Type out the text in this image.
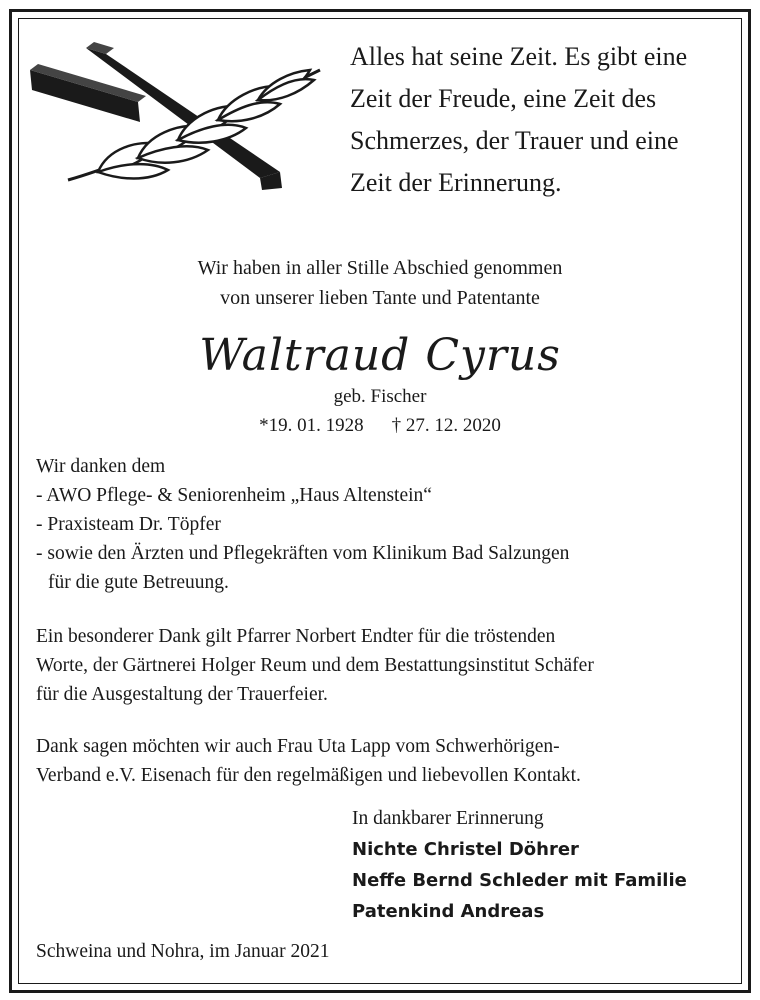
Alles hat seine Zeit. Es gibt eine
Zeit der Freude, eine Zeit des
Schmerzes, der Trauer und eine
Zeit der Erinnerung.
Wir haben in aller Stille Abschied genommen
von unserer lieben Tante und Patentante
Waltraud Cyrus
geb. Fischer
*19. 01. 1928 † 27. 12. 2020
Wir danken dem
- AWO Pflege- & Seniorenheim „Haus Altenstein“
- Praxisteam Dr. Töpfer
- sowie den Ärzten und Pflegekräften vom Klinikum Bad Salzungen
für die gute Betreuung.
Ein besonderer Dank gilt Pfarrer Norbert Endter für die tröstenden
Worte, der Gärtnerei Holger Reum und dem Bestattungsinstitut Schäfer
für die Ausgestaltung der Trauerfeier.
Dank sagen möchten wir auch Frau Uta Lapp vom Schwerhörigen-
Verband e.V. Eisenach für den regelmäßigen und liebevollen Kontakt.
In dankbarer Erinnerung
Nichte Christel Döhrer
Neffe Bernd Schleder mit Familie
Patenkind Andreas
Schweina und Nohra, im Januar 2021
